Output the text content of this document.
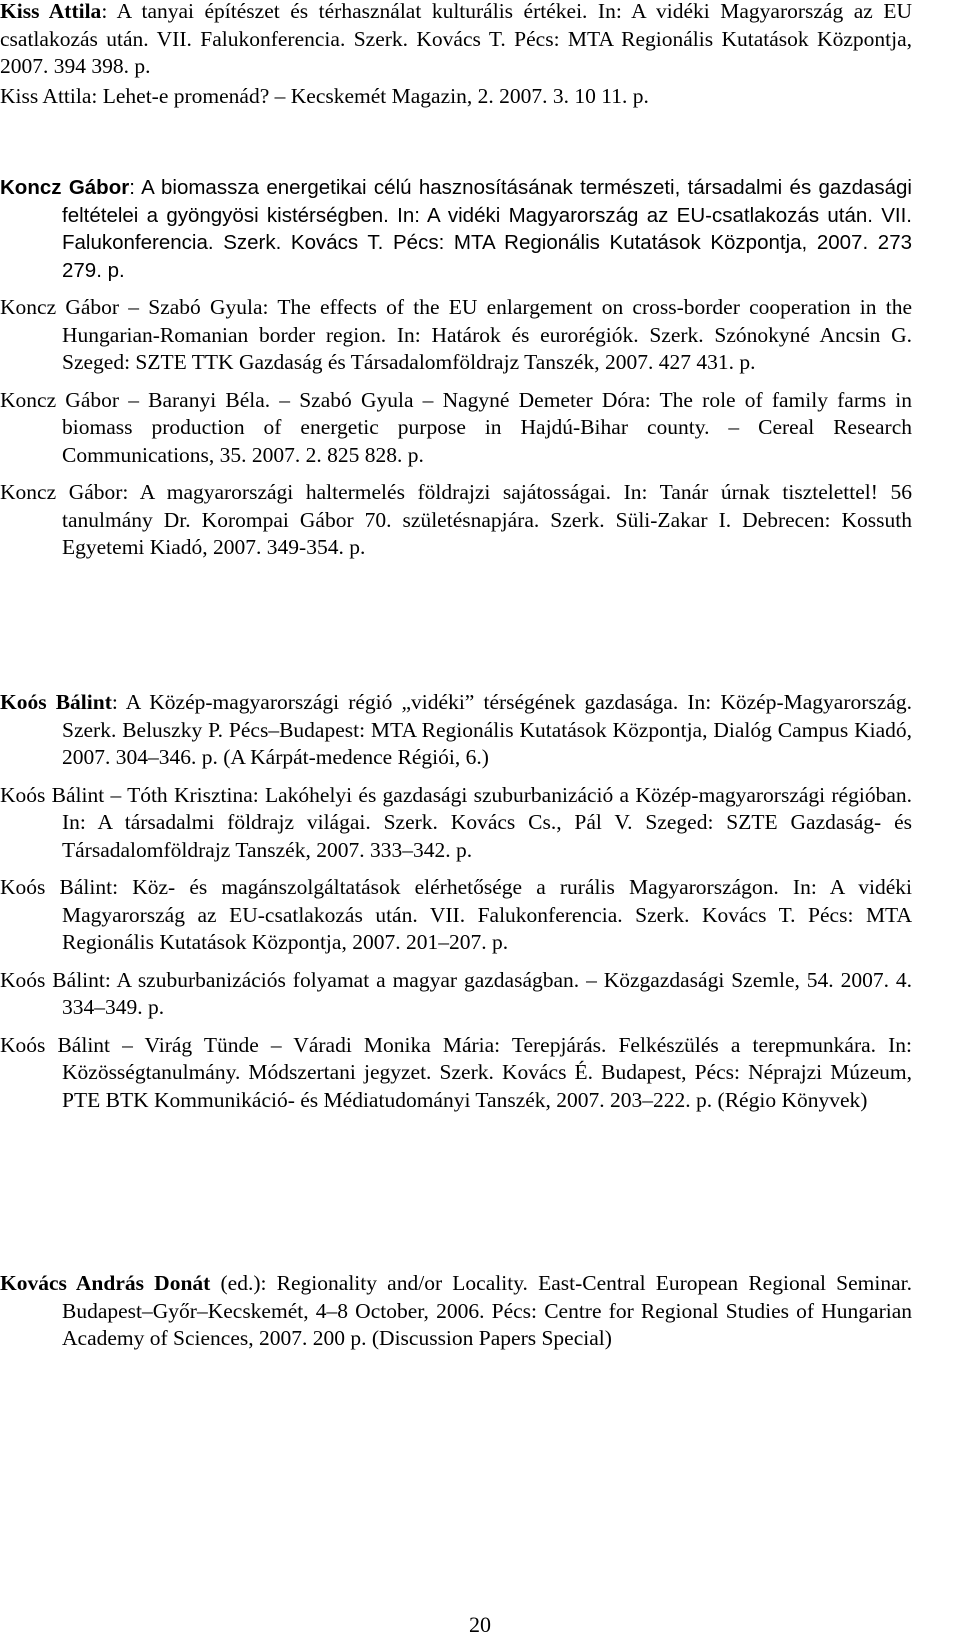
Kiss Attila: A tanyai építészet és térhasználat kulturális értékei. In: A vidéki Magyarország az EU csatlakozás után. VII. Falukonferencia. Szerk. Kovács T. Pécs: MTA Regionális Kutatások Központja, 2007. 394 398. p.

Kiss Attila: Lehet-e promenád? – Kecskemét Magazin, 2. 2007. 3. 10 11. p.

Koncz Gábor: A biomassza energetikai célú hasznosításának természeti, társadalmi és gazdasági feltételei a gyöngyösi kistérségben. In: A vidéki Magyarország az EU-csatlakozás után. VII. Falukonferencia. Szerk. Kovács T. Pécs: MTA Regionális Kutatások Központja, 2007. 273 279. p.

Koncz Gábor – Szabó Gyula: The effects of the EU enlargement on cross-border cooperation in the Hungarian-Romanian border region. In: Határok és eurorégiók. Szerk. Szónokyné Ancsin G. Szeged: SZTE TTK Gazdaság és Társadalomföldrajz Tanszék, 2007. 427 431. p.

Koncz Gábor – Baranyi Béla. – Szabó Gyula – Nagyné Demeter Dóra: The role of family farms in biomass production of energetic purpose in Hajdú-Bihar county. – Cereal Research Communications, 35. 2007. 2. 825 828. p.

Koncz Gábor: A magyarországi haltermelés földrajzi sajátosságai. In: Tanár úrnak tisztelettel! 56 tanulmány Dr. Korompai Gábor 70. születésnapjára. Szerk. Süli-Zakar I. Debrecen: Kossuth Egyetemi Kiadó, 2007. 349-354. p.

Koós Bálint: A Közép-magyarországi régió „vidéki” térségének gazdasága. In: Közép-Magyarország. Szerk. Beluszky P. Pécs–Budapest: MTA Regionális Kutatások Központja, Dialóg Campus Kiadó, 2007. 304–346. p. (A Kárpát-medence Régiói, 6.)

Koós Bálint – Tóth Krisztina: Lakóhelyi és gazdasági szuburbanizáció a Közép-magyarországi régióban. In: A társadalmi földrajz világai. Szerk. Kovács Cs., Pál V. Szeged: SZTE Gazdaság- és Társadalomföldrajz Tanszék, 2007. 333–342. p.

Koós Bálint: Köz- és magánszolgáltatások elérhetősége a rurális Magyarországon. In: A vidéki Magyarország az EU-csatlakozás után. VII. Falukonferencia. Szerk. Kovács T. Pécs: MTA Regionális Kutatások Központja, 2007. 201–207. p.

Koós Bálint: A szuburbanizációs folyamat a magyar gazdaságban. – Közgazdasági Szemle, 54. 2007. 4. 334–349. p.

Koós Bálint – Virág Tünde – Váradi Monika Mária: Terepjárás. Felkészülés a terepmunkára. In: Közösségtanulmány. Módszertani jegyzet. Szerk. Kovács É. Budapest, Pécs: Néprajzi Múzeum, PTE BTK Kommunikáció- és Médiatudományi Tanszék, 2007. 203–222. p. (Régio Könyvek)

Kovács András Donát (ed.): Regionality and/or Locality. East-Central European Regional Seminar. Budapest–Győr–Kecskemét, 4–8 October, 2006. Pécs: Centre for Regional Studies of Hungarian Academy of Sciences, 2007. 200 p. (Discussion Papers Special)

20
